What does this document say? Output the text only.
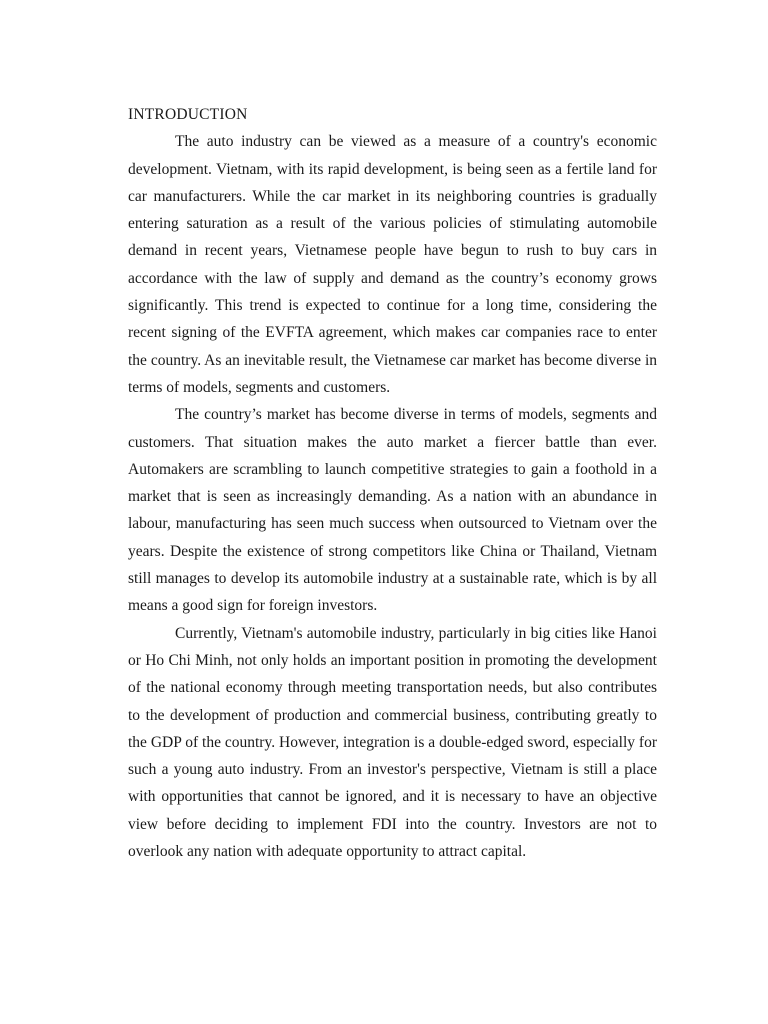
INTRODUCTION

The auto industry can be viewed as a measure of a country's economic development. Vietnam, with its rapid development, is being seen as a fertile land for car manufacturers. While the car market in its neighboring countries is gradually entering saturation as a result of the various policies of stimulating automobile demand in recent years, Vietnamese people have begun to rush to buy cars in accordance with the law of supply and demand as the country’s economy grows significantly. This trend is expected to continue for a long time, considering the recent signing of the EVFTA agreement, which makes car companies race to enter the country. As an inevitable result, the Vietnamese car market has become diverse in terms of models, segments and customers.

The country’s market has become diverse in terms of models, segments and customers. That situation makes the auto market a fiercer battle than ever. Automakers are scrambling to launch competitive strategies to gain a foothold in a market that is seen as increasingly demanding. As a nation with an abundance in labour, manufacturing has seen much success when outsourced to Vietnam over the years. Despite the existence of strong competitors like China or Thailand, Vietnam still manages to develop its automobile industry at a sustainable rate, which is by all means a good sign for foreign investors.

Currently, Vietnam's automobile industry, particularly in big cities like Hanoi or Ho Chi Minh, not only holds an important position in promoting the development of the national economy through meeting transportation needs, but also contributes to the development of production and commercial business, contributing greatly to the GDP of the country. However, integration is a double-edged sword, especially for such a young auto industry. From an investor's perspective, Vietnam is still a place with opportunities that cannot be ignored, and it is necessary to have an objective view before deciding to implement FDI into the country. Investors are not to overlook any nation with adequate opportunity to attract capital.
